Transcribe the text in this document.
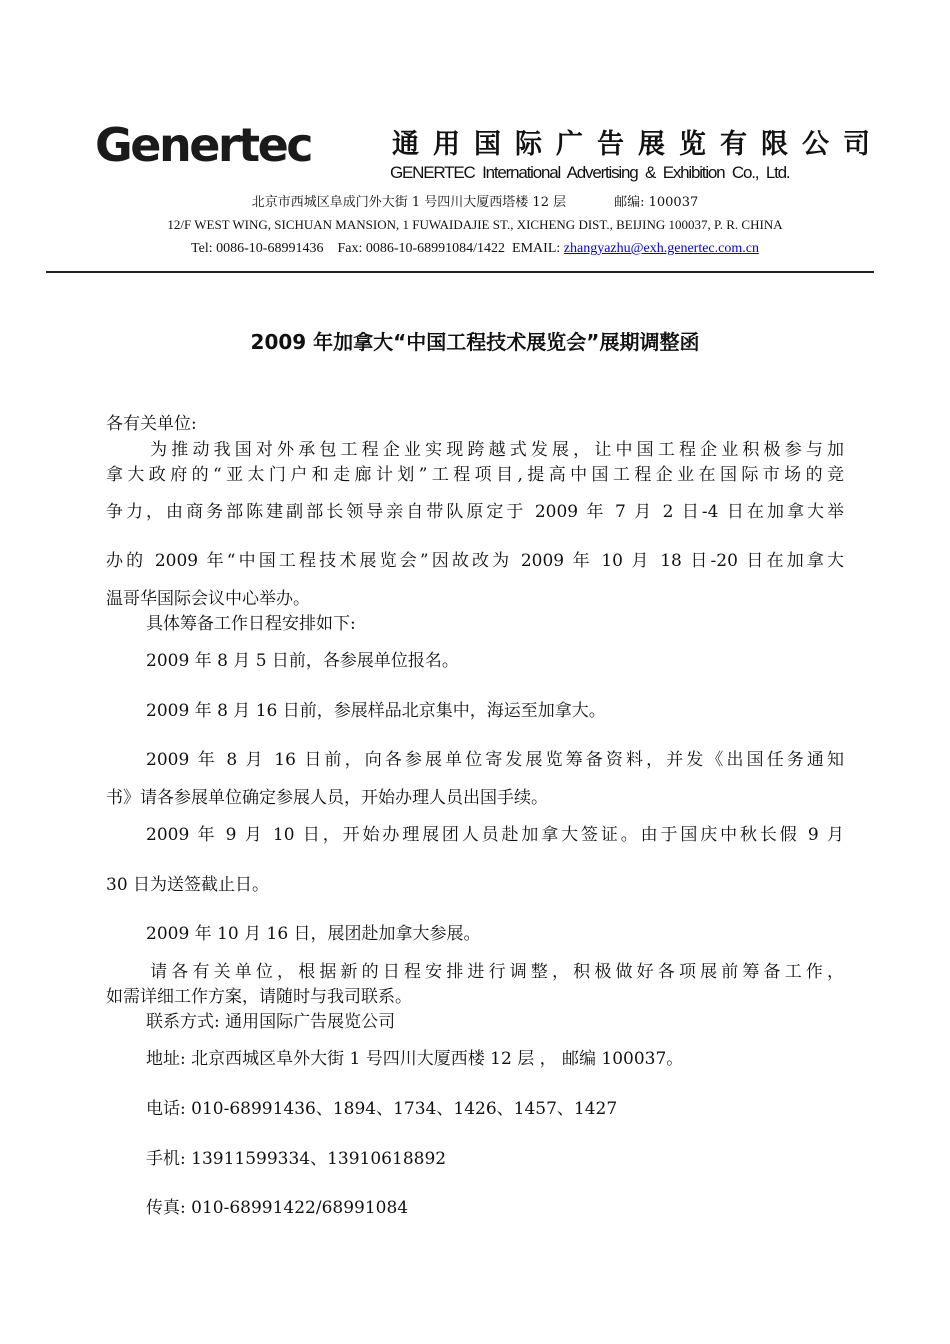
Genertec	通用国际广告展览有限公司
GENERTEC International Advertising & Exhibition Co., Ltd.
北京市西城区阜成门外大街 1 号四川大厦西塔楼 12 层	邮编: 100037
12/F WEST WING, SICHUAN MANSION, 1 FUWAIDAJIE ST., XICHENG DIST., BEIJING 100037, P. R. CHINA
Tel: 0086-10-68991436    Fax: 0086-10-68991084/1422  EMAIL: zhangyazhu@exh.genertec.com.cn
2009 年加拿大“中国工程技术展览会”展期调整函
各有关单位:
为推动我国对外承包工程企业实现跨越式发展，让中国工程企业积极参与加
拿大政府的“亚太门户和走廊计划”工程项目,提高中国工程企业在国际市场的竞
争力，由商务部陈建副部长领导亲自带队原定于 2009 年 7 月 2 日-4 日在加拿大举
办的 2009 年“中国工程技术展览会”因故改为 2009 年 10 月 18 日-20 日在加拿大
温哥华国际会议中心举办。
具体筹备工作日程安排如下:
2009 年 8 月 5 日前，各参展单位报名。
2009 年 8 月 16 日前，参展样品北京集中，海运至加拿大。
2009 年 8 月 16 日前，向各参展单位寄发展览筹备资料，并发《出国任务通知
书》请各参展单位确定参展人员，开始办理人员出国手续。
2009 年 9 月 10 日，开始办理展团人员赴加拿大签证。由于国庆中秋长假 9 月
30 日为送签截止日。
2009 年 10 月 16 日，展团赴加拿大参展。
请各有关单位，根据新的日程安排进行调整，积极做好各项展前筹备工作，
如需详细工作方案，请随时与我司联系。
联系方式: 通用国际广告展览公司
地址: 北京西城区阜外大街 1 号四川大厦西楼 12 层 ， 邮编 100037。
电话: 010-68991436、1894、1734、1426、1457、1427
手机: 13911599334、13910618892
传真: 010-68991422/68991084
